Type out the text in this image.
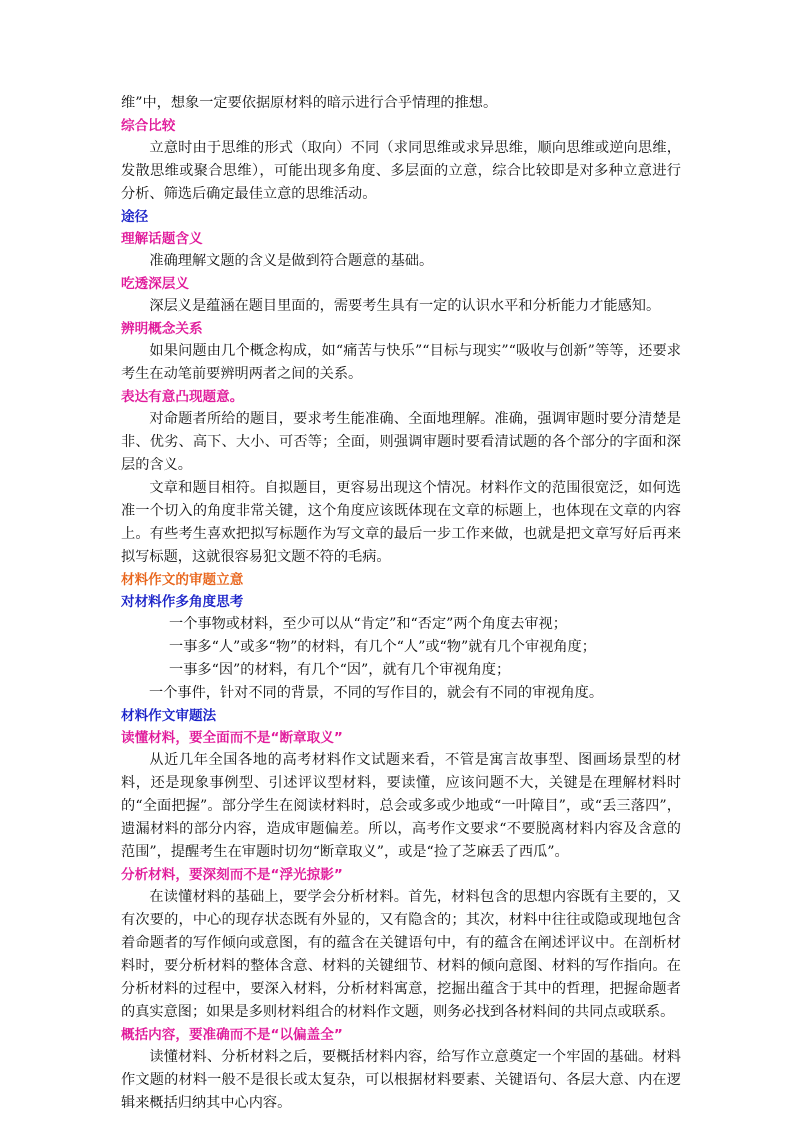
维”中，想象一定要依据原材料的暗示进行合乎情理的推想。

综合比较

立意时由于思维的形式（取向）不同（求同思维或求异思维，顺向思维或逆向思维，发散思维或聚合思维），可能出现多角度、多层面的立意，综合比较即是对多种立意进行分析、筛选后确定最佳立意的思维活动。

途径

理解话题含义

准确理解文题的含义是做到符合题意的基础。

吃透深层义

深层义是蕴涵在题目里面的，需要考生具有一定的认识水平和分析能力才能感知。

辨明概念关系

如果问题由几个概念构成，如“痛苦与快乐”“目标与现实”“吸收与创新”等等，还要求考生在动笔前要辨明两者之间的关系。

表达有意凸现题意。

对命题者所给的题目，要求考生能准确、全面地理解。准确，强调审题时要分清楚是非、优劣、高下、大小、可否等；全面，则强调审题时要看清试题的各个部分的字面和深层的含义。

文章和题目相符。自拟题目，更容易出现这个情况。材料作文的范围很宽泛，如何选准一个切入的角度非常关键，这个角度应该既体现在文章的标题上，也体现在文章的内容上。有些考生喜欢把拟写标题作为写文章的最后一步工作来做，也就是把文章写好后再来拟写标题，这就很容易犯文题不符的毛病。

材料作文的审题立意

对材料作多角度思考

一个事物或材料，至少可以从“肯定”和“否定”两个角度去审视；

一事多“人”或多“物”的材料，有几个“人”或“物”就有几个审视角度；

一事多“因”的材料，有几个“因”，就有几个审视角度；

一个事件，针对不同的背景，不同的写作目的，就会有不同的审视角度。

材料作文审题法

读懂材料，要全面而不是“断章取义”

从近几年全国各地的高考材料作文试题来看，不管是寓言故事型、图画场景型的材料，还是现象事例型、引述评议型材料，要读懂，应该问题不大，关键是在理解材料时的“全面把握”。部分学生在阅读材料时，总会或多或少地或“一叶障目”，或“丢三落四”，遗漏材料的部分内容，造成审题偏差。所以，高考作文要求“不要脱离材料内容及含意的范围”，提醒考生在审题时切勿“断章取义”，或是“捡了芝麻丢了西瓜”。

分析材料，要深刻而不是“浮光掠影”

在读懂材料的基础上，要学会分析材料。首先，材料包含的思想内容既有主要的，又有次要的，中心的现存状态既有外显的，又有隐含的；其次，材料中往往或隐或现地包含着命题者的写作倾向或意图，有的蕴含在关键语句中，有的蕴含在阐述评议中。在剖析材料时，要分析材料的整体含意、材料的关键细节、材料的倾向意图、材料的写作指向。在分析材料的过程中，要深入材料，分析材料寓意，挖掘出蕴含于其中的哲理，把握命题者的真实意图；如果是多则材料组合的材料作文题，则务必找到各材料间的共同点或联系。

概括内容，要准确而不是“以偏盖全”

读懂材料、分析材料之后，要概括材料内容，给写作立意奠定一个牢固的基础。材料作文题的材料一般不是很长或太复杂，可以根据材料要素、关键语句、各层大意、内在逻辑来概括归纳其中心内容。
